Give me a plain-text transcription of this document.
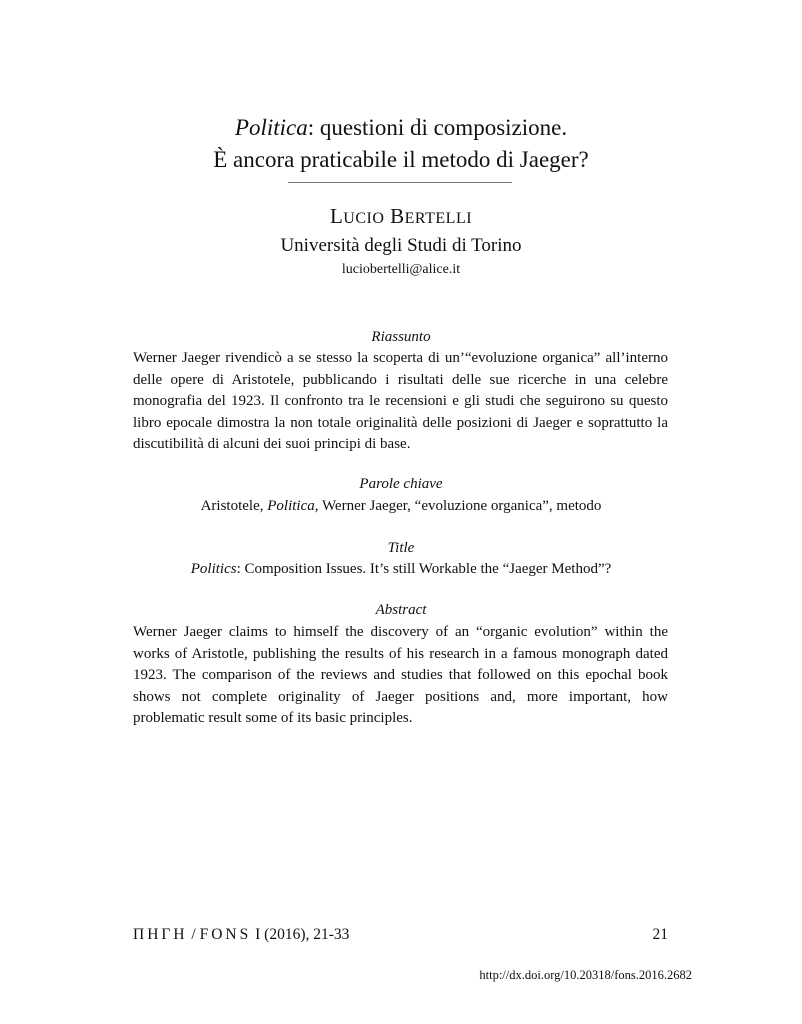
Politica: questioni di composizione.
È ancora praticabile il metodo di Jaeger?
LUCIO BERTELLI
Università degli Studi di Torino
luciobertelli@alice.it
Riassunto
Werner Jaeger rivendicò a se stesso la scoperta di un’“evoluzione organica” all’interno delle opere di Aristotele, pubblicando i risultati delle sue ricerche in una celebre monografia del 1923. Il confronto tra le recensioni e gli studi che seguirono su questo libro epocale dimostra la non totale originalità delle posizioni di Jaeger e soprattutto la discutibilità di alcuni dei suoi principi di base.
Parole chiave
Aristotele, Politica, Werner Jaeger, “evoluzione organica”, metodo
Title
Politics: Composition Issues. It’s still Workable the “Jaeger Method”?
Abstract
Werner Jaeger claims to himself the discovery of an “organic evolution” within the works of Aristotle, publishing the results of his research in a famous monograph dated 1923. The comparison of the reviews and studies that followed on this epochal book shows not complete originality of Jaeger positions and, more important, how problematic result some of its basic principles.
ΠΗΓΗ / FONS I (2016), 21-33	21
http://dx.doi.org/10.20318/fons.2016.2682
